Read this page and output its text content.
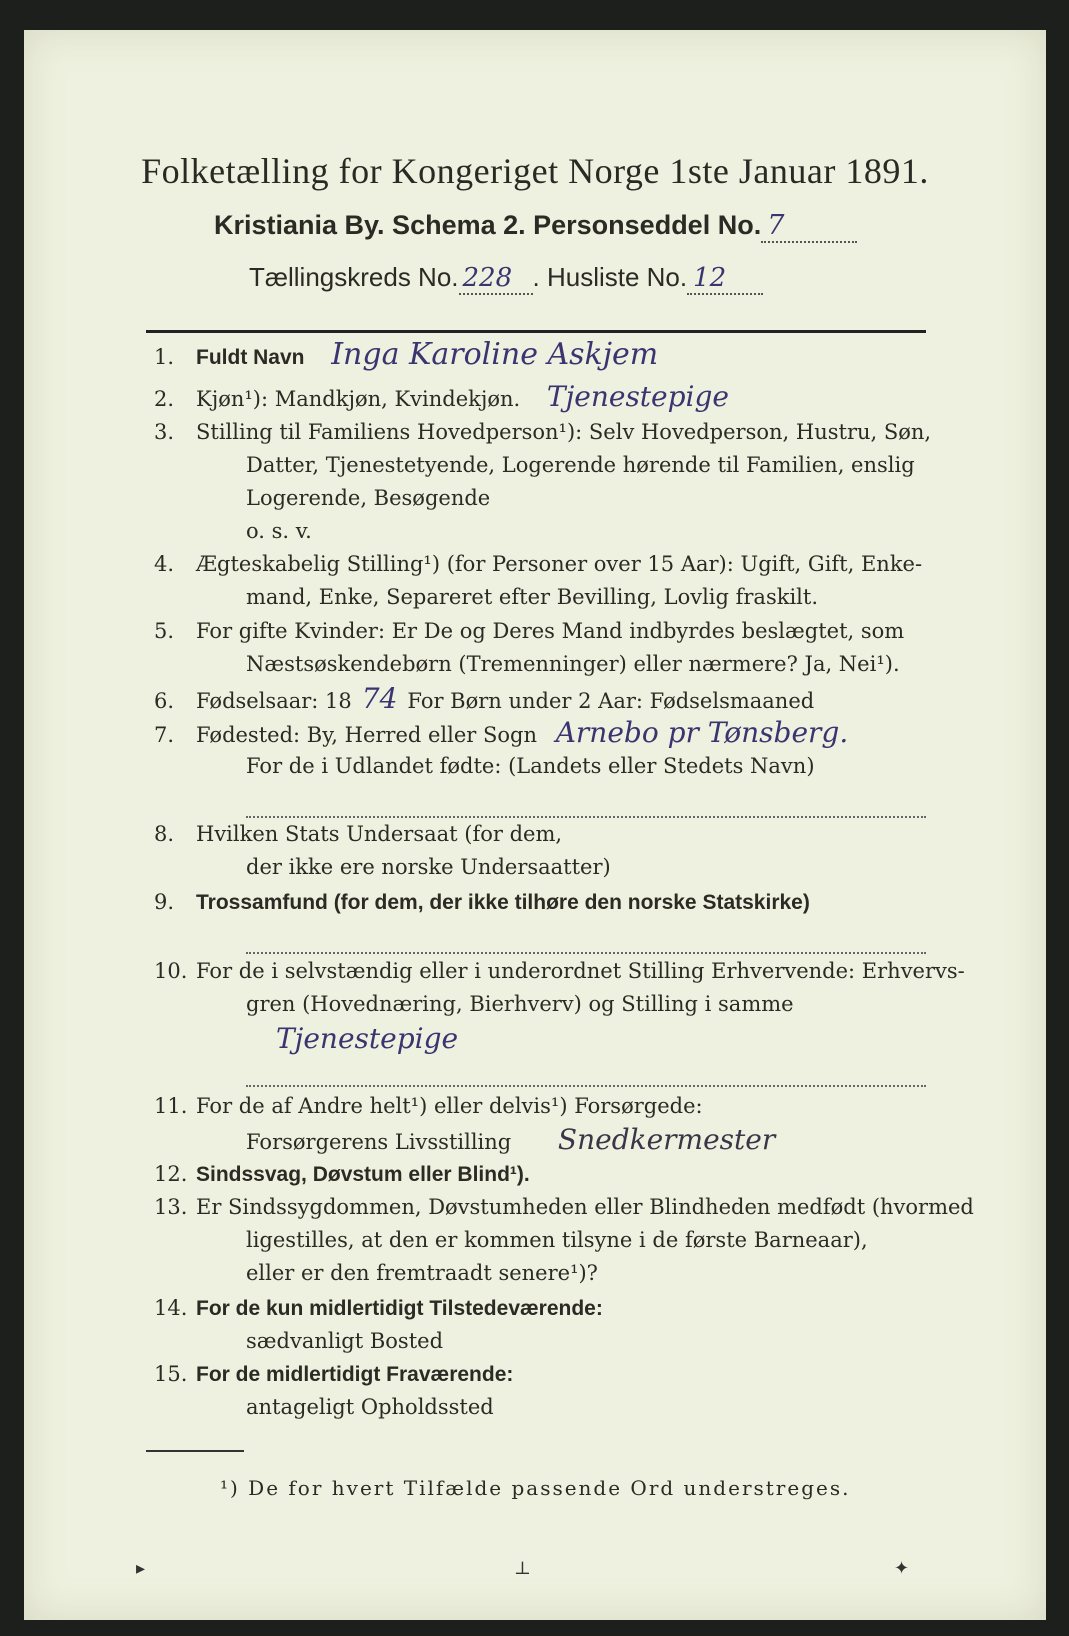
Folketælling for Kongeriget Norge 1ste Januar 1891.
Kristiania By. Schema 2. Personseddel No. 7
Tællingskreds No. 228 . Husliste No. 12
1. Fuldt Navn Inga Karoline Askjem
2. Kjøn¹): Mandkjøn, Kvindekjøn. Tjenestepige
3. Stilling til Familiens Hovedperson¹): Selv Hovedperson, Hustru, Søn,
Datter, Tjenestetyende, Logerende hørende til Familien, enslig
Logerende, Besøgende
o. s. v.
4. Ægteskabelig Stilling¹) (for Personer over 15 Aar): Ugift, Gift, Enke-
mand, Enke, Separeret efter Bevilling, Lovlig fraskilt.
5. For gifte Kvinder: Er De og Deres Mand indbyrdes beslægtet, som
Næstsøskendebørn (Tremenninger) eller nærmere? Ja, Nei¹).
6. Fødselsaar: 18 74 For Børn under 2 Aar: Fødselsmaaned
7. Fødested: By, Herred eller Sogn Arnebo pr Tønsberg.
For de i Udlandet fødte: (Landets eller Stedets Navn)
8. Hvilken Stats Undersaat (for dem,
der ikke ere norske Undersaatter)
9. Trossamfund (for dem, der ikke tilhøre den norske Statskirke)
10. For de i selvstændig eller i underordnet Stilling Erhvervende: Erhvervs-
gren (Hovednæring, Bierhverv) og Stilling i samme
Tjenestepige
11. For de af Andre helt¹) eller delvis¹) Forsørgede:
Forsørgerens Livsstilling Snedkermester
12. Sindssvag, Døvstum eller Blind¹).
13. Er Sindssygdommen, Døvstumheden eller Blindheden medfødt (hvormed
ligestilles, at den er kommen tilsyne i de første Barneaar),
eller er den fremtraadt senere¹)?
14. For de kun midlertidigt Tilstedeværende:
sædvanligt Bosted
15. For de midlertidigt Fraværende:
antageligt Opholdssted
¹) De for hvert Tilfælde passende Ord understreges.
▸	⊥	✦
